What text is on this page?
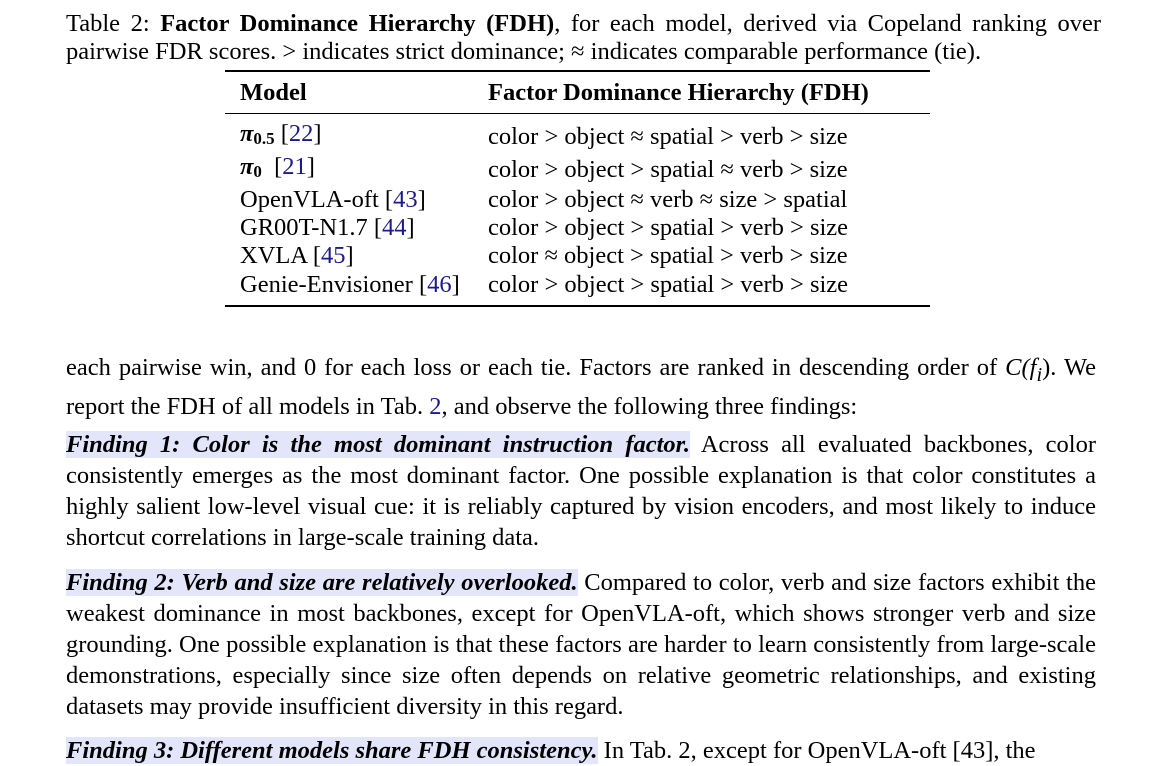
Table 2: Factor Dominance Hierarchy (FDH), for each model, derived via Copeland ranking over pairwise FDR scores. > indicates strict dominance; ≈ indicates comparable performance (tie).
Model	Factor Dominance Hierarchy (FDH)
$\pi_{0.5}$ [22]	color > object ≈ spatial > verb > size
$\pi_0$  [21]	color > object > spatial ≈ verb > size
OpenVLA-oft [43]	color > object ≈ verb ≈ size > spatial
GR00T-N1.7 [44]	color > object > spatial > verb > size
XVLA [45]	color ≈ object > spatial > verb > size
Genie-Envisioner [46]	color > object > spatial > verb > size
each pairwise win, and 0 for each loss or each tie. Factors are ranked in descending order of $C(f_i)$. We report the FDH of all models in Tab. 2, and observe the following three findings:
Finding 1: Color is the most dominant instruction factor. Across all evaluated backbones, color consistently emerges as the most dominant factor. One possible explanation is that color constitutes a highly salient low-level visual cue: it is reliably captured by vision encoders, and most likely to induce shortcut correlations in large-scale training data.
Finding 2: Verb and size are relatively overlooked. Compared to color, verb and size factors exhibit the weakest dominance in most backbones, except for OpenVLA-oft, which shows stronger verb and size grounding. One possible explanation is that these factors are harder to learn consistently from large-scale demonstrations, especially since size often depends on relative geometric relationships, and existing datasets may provide insufficient diversity in this regard.
Finding 3: Different models share FDH consistency. In Tab. 2, except for OpenVLA-oft [43], the
